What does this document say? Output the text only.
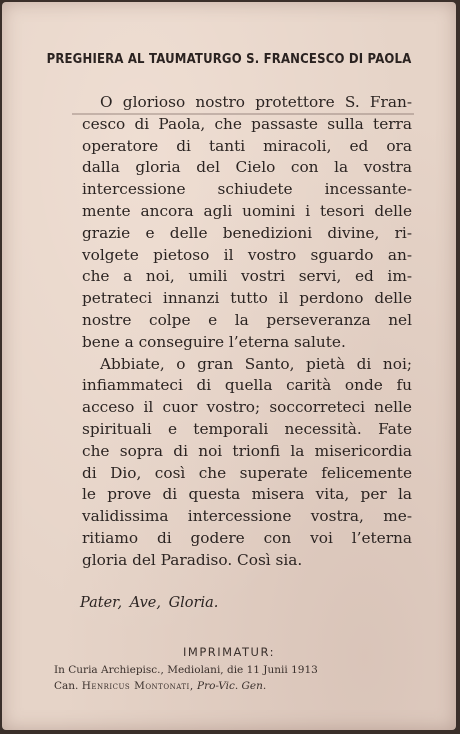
PREGHIERA AL TAUMATURGO S. FRANCESCO DI PAOLA
O glorioso nostro protettore S. Fran-
cesco di Paola, che passaste sulla terra
operatore di tanti miracoli, ed ora
dalla gloria del Cielo con la vostra
intercessione schiudete incessante-
mente ancora agli uomini i tesori delle
grazie e delle benedizioni divine, ri-
volgete pietoso il vostro sguardo an-
che a noi, umili vostri servi, ed im-
petrateci innanzi tutto il perdono delle
nostre colpe e la perseveranza nel
bene a conseguire l’eterna salute.
Abbiate, o gran Santo, pietà di noi;
infiammateci di quella carità onde fu
acceso il cuor vostro; soccorreteci nelle
spirituali e temporali necessità. Fate
che sopra di noi trionfi la misericordia
di Dio, così che superate felicemente
le prove di questa misera vita, per la
validissima intercessione vostra, me-
ritiamo di godere con voi l’eterna
gloria del Paradiso. Così sia.
Pater, Ave, Gloria.
IMPRIMATUR:
In Curia Archiepisc., Mediolani, die 11 Junii 1913
Can. Henricus Montonati, Pro-Vic. Gen.
